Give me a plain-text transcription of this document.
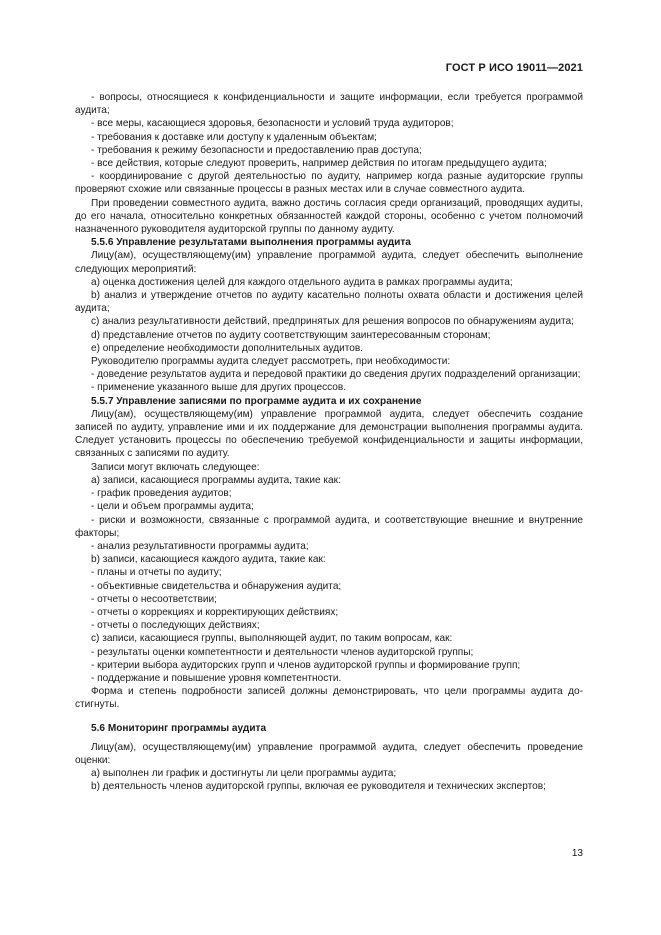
ГОСТ Р ИСО 19011—2021

- вопросы, относящиеся к конфиденциальности и защите информации, если требуется программой аудита;

- все меры, касающиеся здоровья, безопасности и условий труда аудиторов;

- требования к доставке или доступу к удаленным объектам;

- требования к режиму безопасности и предоставлению прав доступа;

- все действия, которые следуют проверить, например действия по итогам предыдущего аудита;

- координирование с другой деятельностью по аудиту, например когда разные аудиторские группы проверяют схожие или связанные процессы в разных местах или в случае совместного аудита.

При проведении совместного аудита, важно достичь согласия среди организаций, проводящих аудиты, до его начала, относительно конкретных обязанностей каждой стороны, особенно с учетом полномочий назначенного руководителя аудиторской группы по данному аудиту.

5.5.6 Управление результатами выполнения программы аудита

Лицу(ам), осуществляющему(им) управление программой аудита, следует обеспечить выполнение следующих мероприятий:

a) оценка достижения целей для каждого отдельного аудита в рамках программы аудита;

b) анализ и утверждение отчетов по аудиту касательно полноты охвата области и достижения целей аудита;

c) анализ результативности действий, предпринятых для решения вопросов по обнаружениям аудита;

d) представление отчетов по аудиту соответствующим заинтересованным сторонам;

e) определение необходимости дополнительных аудитов.

Руководителю программы аудита следует рассмотреть, при необходимости:

- доведение результатов аудита и передовой практики до сведения других подразделений организации;

- применение указанного выше для других процессов.

5.5.7 Управление записями по программе аудита и их сохранение

Лицу(ам), осуществляющему(им) управление программой аудита, следует обеспечить создание записей по аудиту, управление ими и их поддержание для демонстрации выполнения программы аудита. Следует установить процессы по обеспечению требуемой конфиденциальности и защиты информации, связанных с записями по аудиту.

Записи могут включать следующее:

a) записи, касающиеся программы аудита, такие как:

- график проведения аудитов;

- цели и объем программы аудита;

- риски и возможности, связанные с программой аудита, и соответствующие внешние и внутренние факторы;

- анализ результативности программы аудита;

b) записи, касающиеся каждого аудита, такие как:

- планы и отчеты по аудиту;

- объективные свидетельства и обнаружения аудита;

- отчеты о несоответствии;

- отчеты о коррекциях и корректирующих действиях;

- отчеты о последующих действиях;

c) записи, касающиеся группы, выполняющей аудит, по таким вопросам, как:

- результаты оценки компетентности и деятельности членов аудиторской группы;

- критерии выбора аудиторских групп и членов аудиторской группы и формирование групп;

- поддержание и повышение уровня компетентности.

Форма и степень подробности записей должны демонстрировать, что цели программы аудита достигнуты.

5.6 Мониторинг программы аудита

Лицу(ам), осуществляющему(им) управление программой аудита, следует обеспечить проведение оценки:

a) выполнен ли график и достигнуты ли цели программы аудита;

b) деятельность членов аудиторской группы, включая ее руководителя и технических экспертов;

13
